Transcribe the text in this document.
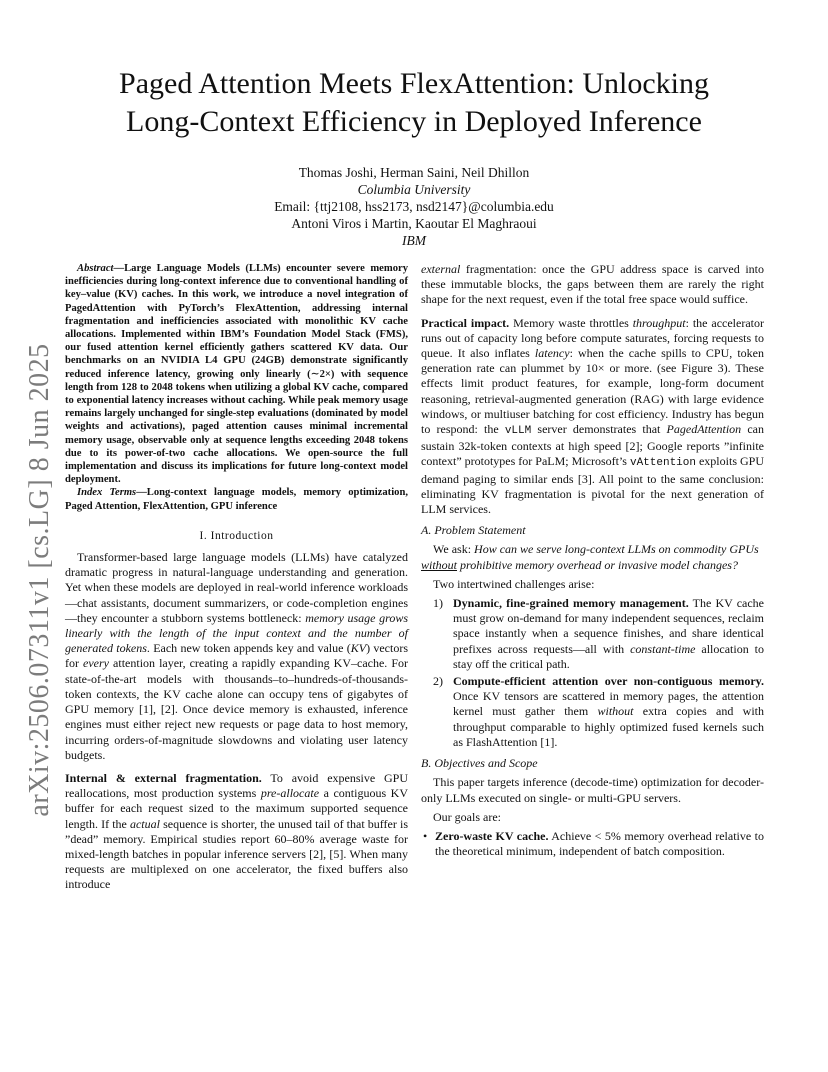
arXiv:2506.07311v1 [cs.LG] 8 Jun 2025
Paged Attention Meets FlexAttention: Unlocking
Long-Context Efficiency in Deployed Inference
Thomas Joshi, Herman Saini, Neil Dhillon
Columbia University
Email: {ttj2108, hss2173, nsd2147}@columbia.edu
Antoni Viros i Martin, Kaoutar El Maghraoui
IBM

Abstract—Large Language Models (LLMs) encounter severe memory inefficiencies during long-context inference due to conventional handling of key–value (KV) caches. In this work, we introduce a novel integration of PagedAttention with PyTorch’s FlexAttention, addressing internal fragmentation and inefficiencies associated with monolithic KV cache allocations. Implemented within IBM’s Foundation Model Stack (FMS), our fused attention kernel efficiently gathers scattered KV data. Our benchmarks on an NVIDIA L4 GPU (24GB) demonstrate significantly reduced inference latency, growing only linearly (∼2×) with sequence length from 128 to 2048 tokens when utilizing a global KV cache, compared to exponential latency increases without caching. While peak memory usage remains largely unchanged for single-step evaluations (dominated by model weights and activations), paged attention causes minimal incremental memory usage, observable only at sequence lengths exceeding 2048 tokens due to its power-of-two cache allocations. We open-source the full implementation and discuss its implications for future long-context model deployment.

Index Terms—Long-context language models, memory optimization, Paged Attention, FlexAttention, GPU inference

I. Introduction

Transformer-based large language models (LLMs) have catalyzed dramatic progress in natural-language understanding and generation. Yet when these models are deployed in real-world inference workloads—chat assistants, document summarizers, or code-completion engines—they encounter a stubborn systems bottleneck: memory usage grows linearly with the length of the input context and the number of generated tokens. Each new token appends key and value (KV) vectors for every attention layer, creating a rapidly expanding KV–cache. For state-of-the-art models with thousands–to–hundreds-of-thousands-token contexts, the KV cache alone can occupy tens of gigabytes of GPU memory [1], [2]. Once device memory is exhausted, inference engines must either reject new requests or page data to host memory, incurring orders-of-magnitude slowdowns and violating user latency budgets.

Internal & external fragmentation. To avoid expensive GPU reallocations, most production systems pre-allocate a contiguous KV buffer for each request sized to the maximum supported sequence length. If the actual sequence is shorter, the unused tail of that buffer is ”dead” memory. Empirical studies report 60–80% average waste for mixed-length batches in popular inference servers [2], [5]. When many requests are multiplexed on one accelerator, the fixed buffers also introduce

external fragmentation: once the GPU address space is carved into these immutable blocks, the gaps between them are rarely the right shape for the next request, even if the total free space would suffice.

Practical impact. Memory waste throttles throughput: the accelerator runs out of capacity long before compute saturates, forcing requests to queue. It also inflates latency: when the cache spills to CPU, token generation rate can plummet by 10× or more. (see Figure 3). These effects limit product features, for example, long-form document reasoning, retrieval-augmented generation (RAG) with large evidence windows, or multiuser batching for cost efficiency. Industry has begun to respond: the vLLM server demonstrates that PagedAttention can sustain 32k-token contexts at high speed [2]; Google reports ”infinite context” prototypes for PaLM; Microsoft’s vAttention exploits GPU demand paging to similar ends [3]. All point to the same conclusion: eliminating KV fragmentation is pivotal for the next generation of LLM services.

A. Problem Statement

We ask: How can we serve long-context LLMs on commodity GPUs without prohibitive memory overhead or invasive model changes?

Two intertwined challenges arise:

1) Dynamic, fine-grained memory management. The KV cache must grow on-demand for many independent sequences, reclaim space instantly when a sequence finishes, and share identical prefixes across requests—all with constant-time allocation to stay off the critical path.
2) Compute-efficient attention over non-contiguous memory. Once KV tensors are scattered in memory pages, the attention kernel must gather them without extra copies and with throughput comparable to highly optimized fused kernels such as FlashAttention [1].
B. Objectives and Scope

This paper targets inference (decode-time) optimization for decoder-only LLMs executed on single- or multi-GPU servers.

Our goals are:

• Zero-waste KV cache. Achieve < 5% memory overhead relative to the theoretical minimum, independent of batch composition.
